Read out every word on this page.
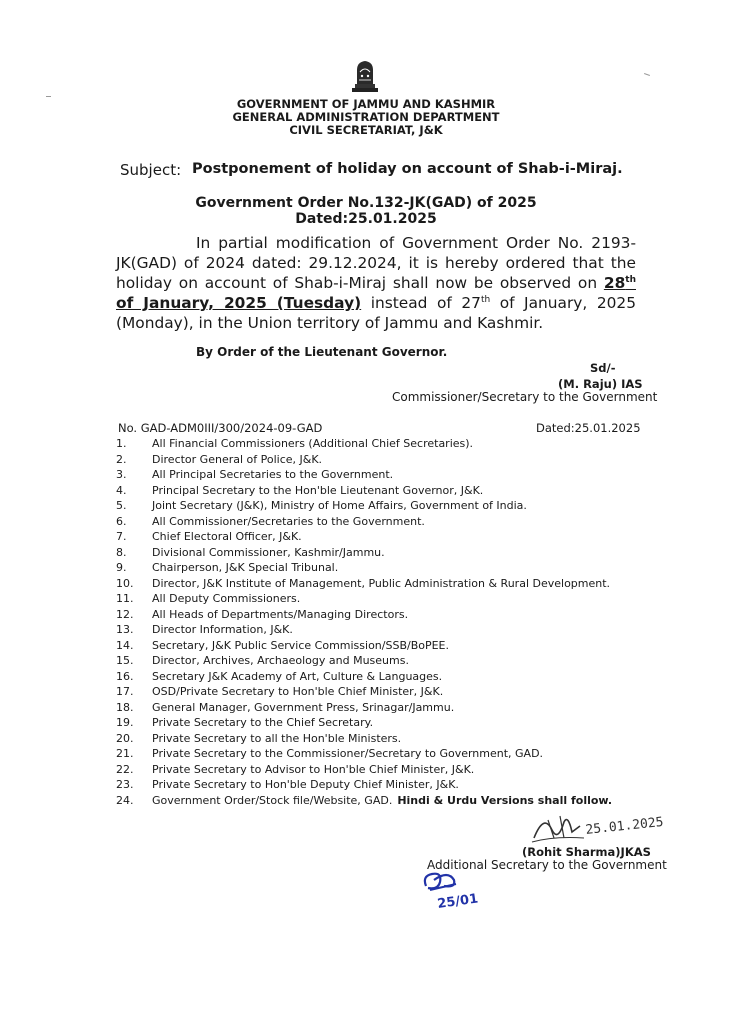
GOVERNMENT OF JAMMU AND KASHMIR
GENERAL ADMINISTRATION DEPARTMENT
CIVIL SECRETARIAT, J&K
Subject: Postponement of holiday on account of Shab-i-Miraj.
Government Order No.132-JK(GAD) of 2025
Dated:25.01.2025
In partial modification of Government Order No. 2193-JK(GAD) of 2024 dated: 29.12.2024, it is hereby ordered that the holiday on account of Shab-i-Miraj shall now be observed on 28th of January, 2025 (Tuesday) instead of 27th of January, 2025 (Monday), in the Union territory of Jammu and Kashmir.
By Order of the Lieutenant Governor.
Sd/-
(M. Raju) IAS
Commissioner/Secretary to the Government
No. GAD-ADM0III/300/2024-09-GAD	Dated:25.01.2025
1.	All Financial Commissioners (Additional Chief Secretaries).
2.	Director General of Police, J&K.
3.	All Principal Secretaries to the Government.
4.	Principal Secretary to the Hon'ble Lieutenant Governor, J&K.
5.	Joint Secretary (J&K), Ministry of Home Affairs, Government of India.
6.	All Commissioner/Secretaries to the Government.
7.	Chief Electoral Officer, J&K.
8.	Divisional Commissioner, Kashmir/Jammu.
9.	Chairperson, J&K Special Tribunal.
10.	Director, J&K Institute of Management, Public Administration & Rural Development.
11.	All Deputy Commissioners.
12.	All Heads of Departments/Managing Directors.
13.	Director Information, J&K.
14.	Secretary, J&K Public Service Commission/SSB/BoPEE.
15.	Director, Archives, Archaeology and Museums.
16.	Secretary J&K Academy of Art, Culture & Languages.
17.	OSD/Private Secretary to Hon'ble Chief Minister, J&K.
18.	General Manager, Government Press, Srinagar/Jammu.
19.	Private Secretary to the Chief Secretary.
20.	Private Secretary to all the Hon'ble Ministers.
21.	Private Secretary to the Commissioner/Secretary to Government, GAD.
22.	Private Secretary to Advisor to Hon'ble Chief Minister, J&K.
23.	Private Secretary to Hon'ble Deputy Chief Minister, J&K.
24.	Government Order/Stock file/Website, GAD. Hindi & Urdu Versions shall follow.
25.01.2025
(Rohit Sharma)JKAS
Additional Secretary to the Government
25/01
